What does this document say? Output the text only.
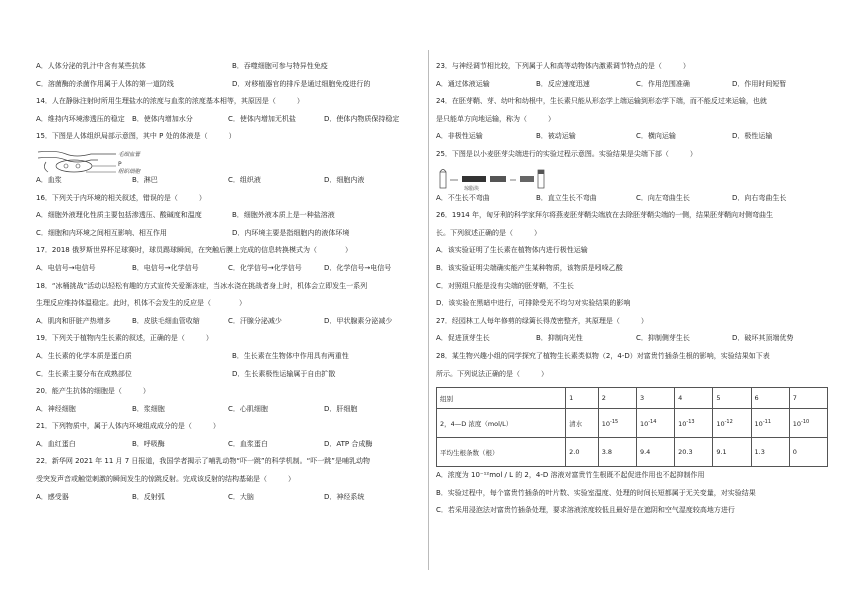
A．人体分泌的乳汁中含有某些抗体	B．吞噬细胞可参与特异性免疫
C．溶菌酶的杀菌作用属于人体的第一道防线	D．对移植器官的排斥是通过细胞免疫进行的
14．人在静脉注射时所用生理盐水的浓度与血浆的浓度基本相等，其原因是（　　　）
A．维持内环境渗透压的稳定 B．使体内增加水分	C．使体内增加无机盐	D．使体内物质保持稳定
15．下图是人体组织局部示意图，其中 P 处的体液是（　　　）
毛细血管
P
组织细胞
A．血浆	B．淋巴	C．组织液	D．细胞内液
16．下列关于内环境的相关叙述，错误的是（　　　）
A．细胞外液理化性质主要包括渗透压、酸碱度和温度	B．细胞外液本质上是一种盐溶液
C．细胞和内环境之间相互影响、相互作用	D．内环境主要是指细胞内的液体环境
17．2018 俄罗斯世界杯足球赛时，球员踢球瞬间，在突触后膜上完成的信息转换模式为（　　　　）
A．电信号→电信号	B．电信号→化学信号	C．化学信号→化学信号	D．化学信号→电信号
18．“冰桶挑战”活动以轻松有趣的方式宣传关爱渐冻症，当冰水浇在挑战者身上时，机体会立即发生一系列
生理反应维持体温稳定。此时，机体不会发生的反应是（　　　　）
A．肌肉和肝脏产热增多	B．皮肤毛细血管收缩	C．汗腺分泌减少	D．甲状腺素分泌减少
19．下列关于植物内生长素的叙述，正确的是（　　　）
A．生长素的化学本质是蛋白质	B．生长素在生物体中作用具有两重性
C．生长素主要分布在成熟部位	D．生长素极性运输属于自由扩散
20．能产生抗体的细胞是（　　　）
A．神经细胞	B．浆细胞	C．心肌细胞	D．肝细胞
21．下列物质中，属于人体内环境组成成分的是（　　　）
A．血红蛋白	B．呼吸酶	C．血浆蛋白	D．ATP 合成酶
22．新华网 2021 年 11 月 7 日报道，我国学者揭示了哺乳动物“吓一跳”的科学机制。“吓一跳”是哺乳动物
受突发声音或触觉刺激的瞬间发生的惊跳反射。完成该反射的结构基础是（　　　）
A．感受器	B．反射弧	C．大脑	D．神经系统
23．与神经调节相比较，下列属于人和高等动物体内激素调节特点的是（　　　）
A．通过体液运输	B．反应速度迅速	C．作用范围准确	D．作用时间短暂
24．在胚芽鞘、芽、幼叶和幼根中，生长素只能从形态学上端运输到形态学下端，而不能反过来运输，也就
是只能单方向地运输，称为（　　　）
A．非极性运输	B．被动运输	C．横向运输	D．极性运输
25．下图是以小麦胚芽尖端进行的实验过程示意图。实验结果是尖端下部（　　　）
琼脂块
A．不生长不弯曲	B．直立生长不弯曲	C．向左弯曲生长	D．向右弯曲生长
26．1914 年，匈牙利的科学家拜尔将燕麦胚芽鞘尖端放在去除胚芽鞘尖端的一侧，结果胚芽鞘向对侧弯曲生
长。下列叙述正确的是（　　　）
A．该实验证明了生长素在植物体内进行极性运输
B．该实验证明尖端确实能产生某种物质，该物质是吲哚乙酸
C．对照组只能是没有尖端的胚芽鞘，不生长
D．该实验在黑暗中进行，可排除受光不均匀对实验结果的影响
27．经园林工人每年修剪的绿篱长得茂密整齐，其原理是（　　　）
A．促进顶芽生长	B．抑制向光性	C．抑制侧芽生长	D．破坏其顶端优势
28．某生物兴趣小组的同学探究了植物生长素类似物（2，4-D）对富贵竹插条生根的影响，实验结果如下表
所示。下列说法正确的是（　　　）
组别	1	2	3	4	5	6	7
2，4—D 浓度（mol/L）	清水	$10^{-15}$	$10^{-14}$	$10^{-13}$	$10^{-12}$	$10^{-11}$	$10^{-10}$
平均生根条数（根）	2.0	3.8	9.4	20.3	9.1	1.3	0
A．浓度为 10⁻¹²mol / L 的 2，4-D 溶液对富贵竹生根既不起促进作用也不起抑制作用
B．实验过程中，每个富贵竹插条的叶片数、实验室温度、处理的时间长短都属于无关变量，对实验结果
C．若采用浸泡法对富贵竹插条处理，要求溶液浓度较低且最好是在遮阴和空气湿度较高地方进行
